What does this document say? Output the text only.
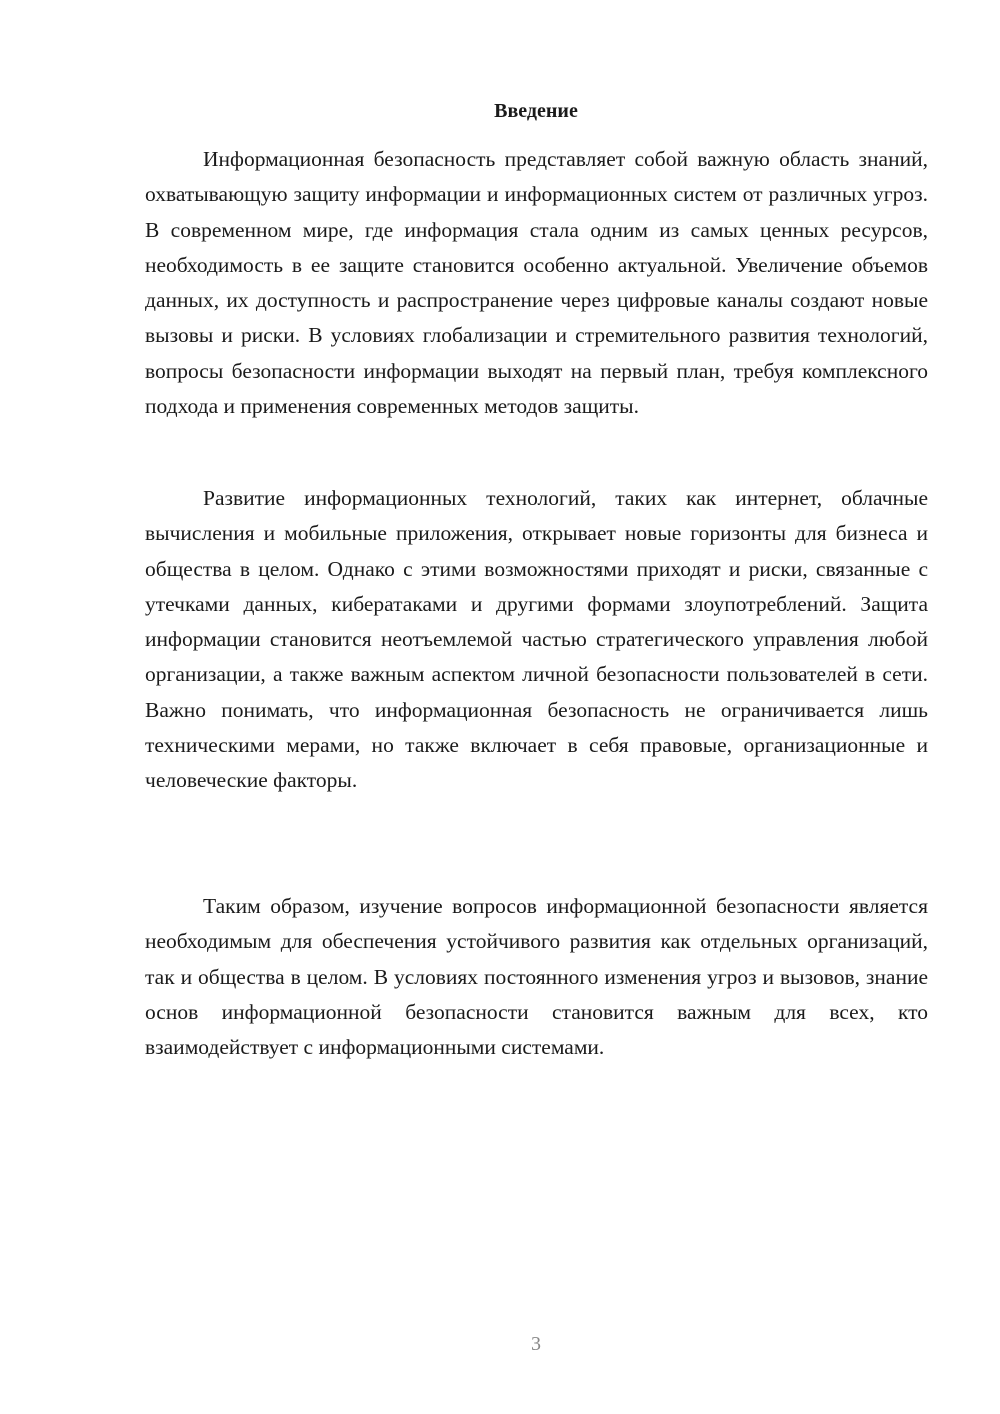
Введение

Информационная безопасность представляет собой важную область знаний, охватывающую защиту информации и информационных систем от различных угроз. В современном мире, где информация стала одним из самых ценных ресурсов, необходимость в ее защите становится особенно актуальной. Увеличение объемов данных, их доступность и распространение через цифровые каналы создают новые вызовы и риски. В условиях глобализации и стремительного развития технологий, вопросы безопасности информации выходят на первый план, требуя комплексного подхода и применения современных методов защиты.

Развитие информационных технологий, таких как интернет, облачные вычисления и мобильные приложения, открывает новые горизонты для бизнеса и общества в целом. Однако с этими возможностями приходят и риски, связанные с утечками данных, кибератаками и другими формами злоупотреблений. Защита информации становится неотъемлемой частью стратегического управления любой организации, а также важным аспектом личной безопасности пользователей в сети. Важно понимать, что информационная безопасность не ограничивается лишь техническими мерами, но также включает в себя правовые, организационные и человеческие факторы.

Таким образом, изучение вопросов информационной безопасности является необходимым для обеспечения устойчивого развития как отдельных организаций, так и общества в целом. В условиях постоянного изменения угроз и вызовов, знание основ информационной безопасности становится важным для всех, кто взаимодействует с информационными системами.

3
